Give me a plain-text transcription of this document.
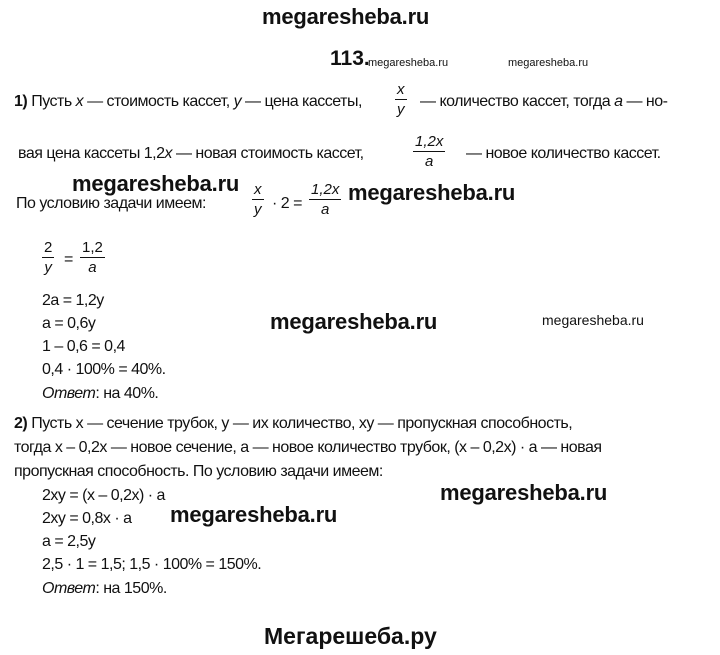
megaresheba.ru
113.
megaresheba.ru	megaresheba.ru
1) Пусть x — стоимость кассет, y — цена кассеты, $\frac{x}{y}$ — количество кассет, тогда a — но-
вая цена кассеты 1,2x — новая стоимость кассет,	$\frac{1,2x}{a}$ — новое количество кассет.
megaresheba.ru
По условию задачи имеем:	$\frac{x}{y} \cdot 2 = \frac{1,2x}{a}$ megaresheba.ru
$\frac{2}{y} = \frac{1,2}{a}$
2a = 1,2y
a = 0,6y	megaresheba.ru	megaresheba.ru
1 – 0,6 = 0,4
0,4 · 100% = 40%.
Ответ: на 40%.
2) Пусть x — сечение трубок, y — их количество, xy — пропускная способность,
тогда x – 0,2x — новое сечение, a — новое количество трубок, (x – 0,2x) · a — новая
пропускная способность. По условию задачи имеем:
2xy = (x – 0,2x) · a	megaresheba.ru
2xy = 0,8x · a megaresheba.ru
a = 2,5y
2,5 · 1 = 1,5; 1,5 · 100% = 150%.
Ответ: на 150%.
Мегарешеба.ру
